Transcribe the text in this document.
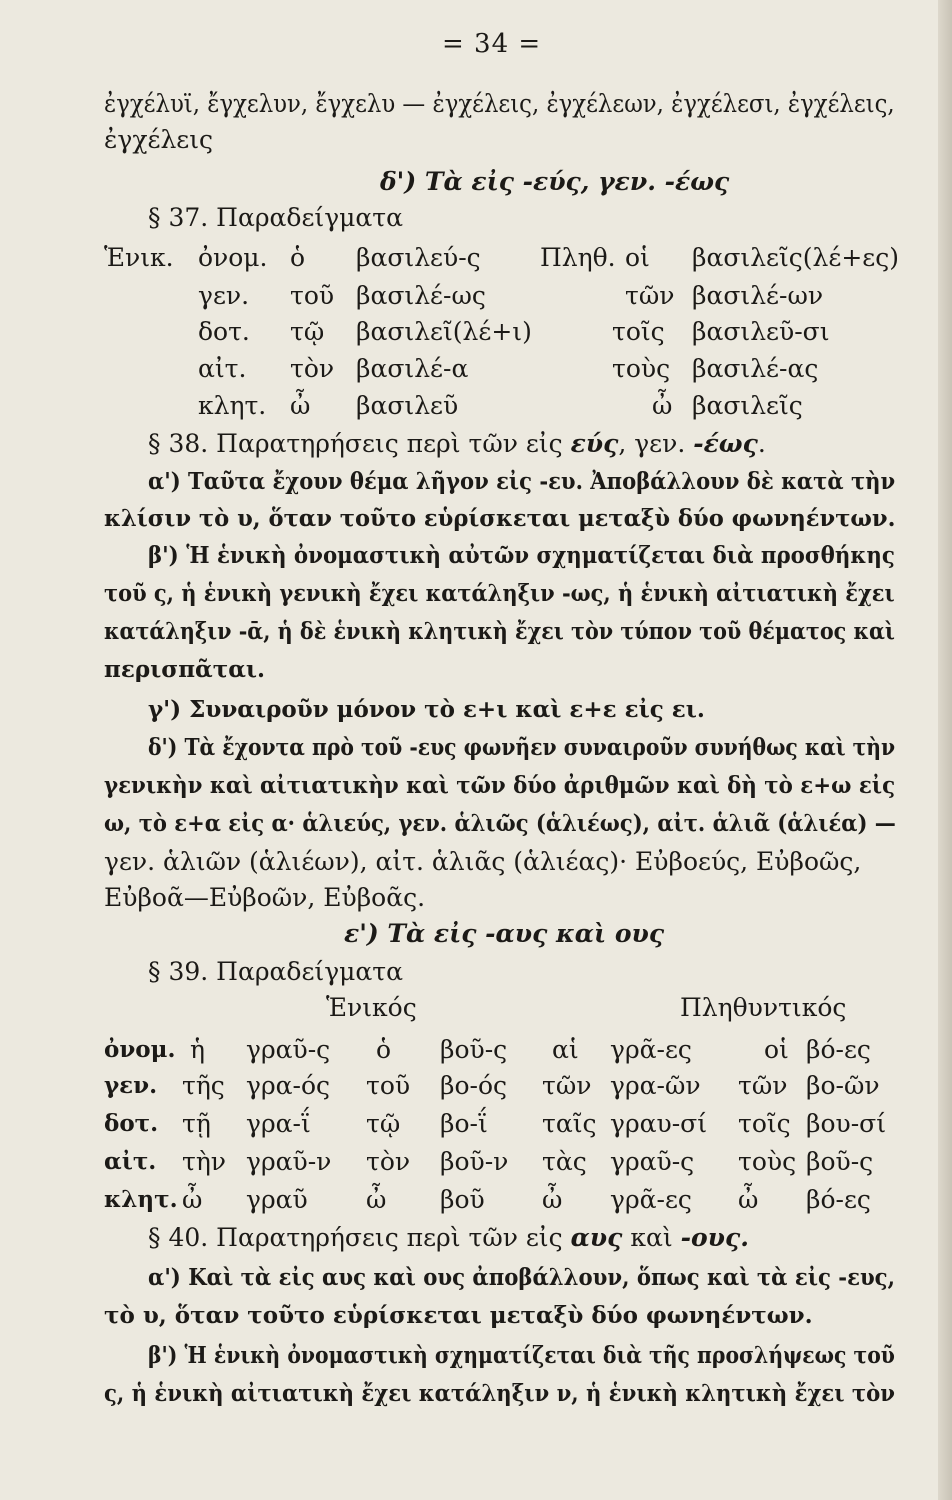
= 34 =
ἐγχέλυϊ, ἔγχελυν, ἔγχελυ — ἐγχέλεις, ἐγχέλεων, ἐγχέλεσι, ἐγχέλεις,
ἐγχέλεις
δ') Τὰ εἰς -εύς, γεν. -έως
§ 37. Παραδείγματα
Ἑνικ. ὀνομ. ὁ βασιλεύ-ς Πληθ. οἱ βασιλεῖς(λέ+ες)
γεν. τοῦ βασιλέ-ως	τῶν βασιλέ-ων
δοτ. τῷ βασιλεῖ(λέ+ι)	τοῖς βασιλεῦ-σι
αἰτ. τὸν βασιλέ-α	τοὺς βασιλέ-ας
κλητ. ὦ βασιλεῦ	ὦ βασιλεῖς
§ 38. Παρατηρήσεις περὶ τῶν εἰς εύς, γεν. -έως.
α') Ταῦτα ἔχουν θέμα λῆγον εἰς -ευ. Ἀποβάλλουν δὲ κατὰ τὴν
κλίσιν τὸ υ, ὅταν τοῦτο εὑρίσκεται μεταξὺ δύο φωνηέντων.
β') Ἡ ἑνικὴ ὀνομαστικὴ αὐτῶν σχηματίζεται διὰ προσθήκης
τοῦ ς, ἡ ἑνικὴ γενικὴ ἔχει κατάληξιν -ως, ἡ ἑνικὴ αἰτιατικὴ ἔχει
κατάληξιν -ᾱ, ἡ δὲ ἑνικὴ κλητικὴ ἔχει τὸν τύπον τοῦ θέματος καὶ
περισπᾶται.
γ') Συναιροῦν μόνον τὸ ε+ι καὶ ε+ε εἰς ει.
δ') Τὰ ἔχοντα πρὸ τοῦ -ευς φωνῆεν συναιροῦν συνήθως καὶ τὴν
γενικὴν καὶ αἰτιατικὴν καὶ τῶν δύο ἀριθμῶν καὶ δὴ τὸ ε+ω εἰς
ω, τὸ ε+α εἰς α· ἁλιεύς, γεν. ἁλιῶς (ἁλιέως), αἰτ. ἁλιᾶ (ἁλιέα) —
γεν. ἁλιῶν (ἁλιέων), αἰτ. ἁλιᾶς (ἁλιέας)· Εὐβοεύς, Εὐβοῶς,
Εὐβοᾶ—Εὐβοῶν, Εὐβοᾶς.
ε') Τὰ εἰς -αυς καὶ ους
§ 39. Παραδείγματα
Ἑνικός	Πληθυντικός
ὀνομ. ἡ γραῦ-ς ὁ βοῦ-ς αἱ γρᾶ-ες	οἱ βό-ες
γεν. τῆς γρα-ός τοῦ βο-ός τῶν γρα-ῶν τῶν βο-ῶν
δοτ. τῇ γρα-ΐ τῷ βο-ΐ ταῖς γραυ-σί τοῖς βου-σί
αἰτ. τὴν γραῦ-ν τὸν βοῦ-ν τὰς γραῦ-ς τοὺς βοῦ-ς
κλητ. ὦ γραῦ ὦ βοῦ ὦ γρᾶ-ες ὦ βό-ες
§ 40. Παρατηρήσεις περὶ τῶν εἰς αυς καὶ -ους.
α') Καὶ τὰ εἰς αυς καὶ ους ἀποβάλλουν, ὅπως καὶ τὰ εἰς -ευς,
τὸ υ, ὅταν τοῦτο εὑρίσκεται μεταξὺ δύο φωνηέντων.
β') Ἡ ἑνικὴ ὀνομαστικὴ σχηματίζεται διὰ τῆς προσλήψεως τοῦ
ς, ἡ ἑνικὴ αἰτιατικὴ ἔχει κατάληξιν ν, ἡ ἑνικὴ κλητικὴ ἔχει τὸν
